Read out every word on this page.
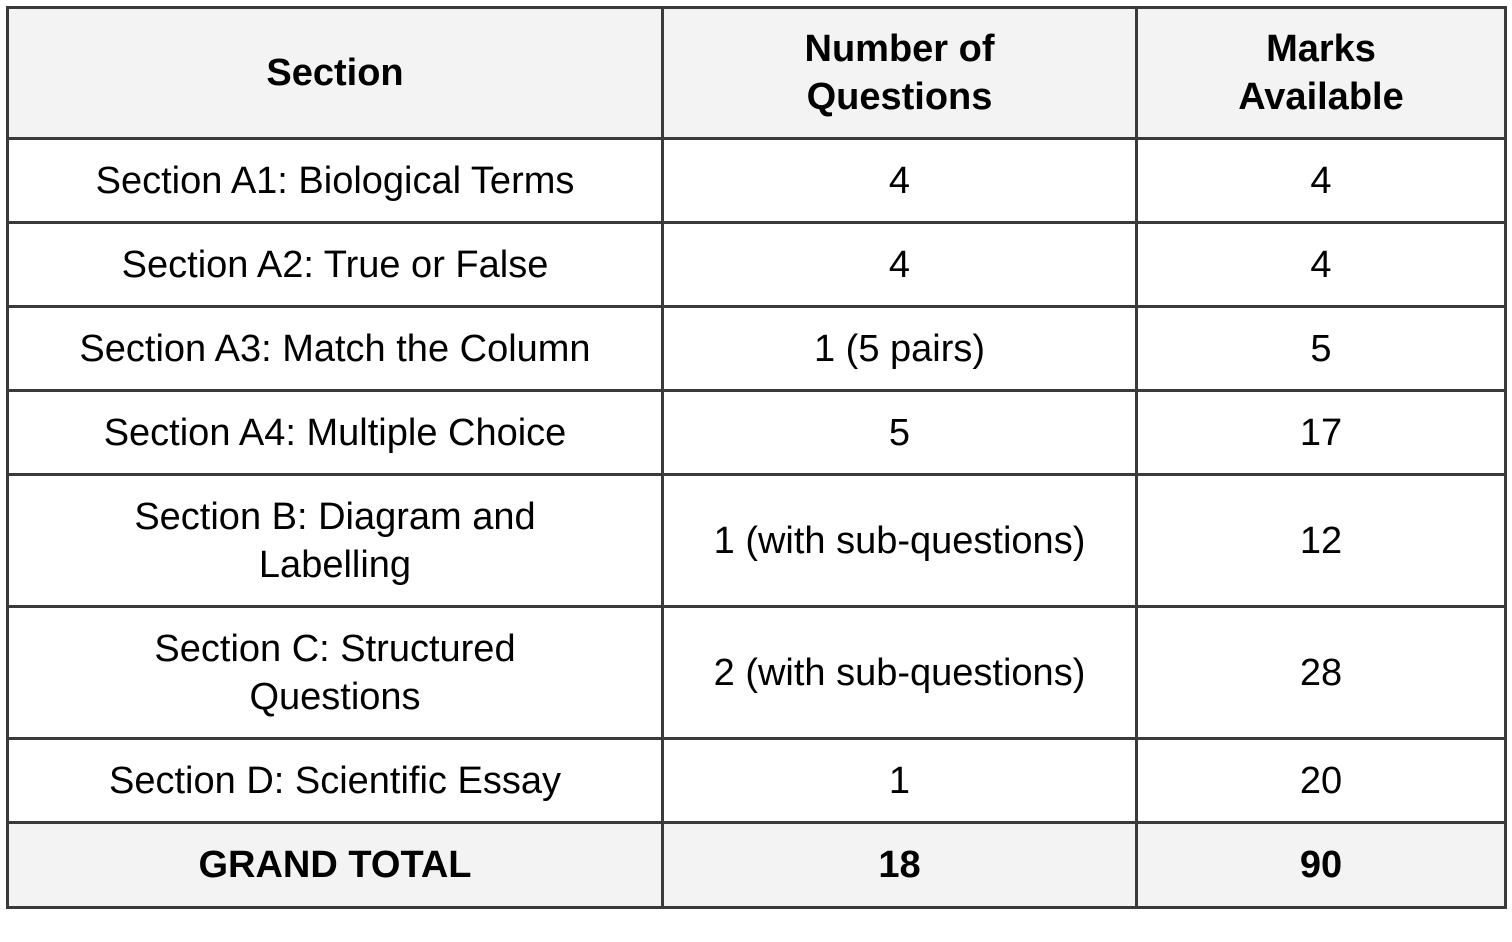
Section	Number of Questions	Marks Available
Section A1: Biological Terms	4	4
Section A2: True or False	4	4
Section A3: Match the Column	1 (5 pairs)	5
Section A4: Multiple Choice	5	17
Section B: Diagram and Labelling	1 (with sub-questions)	12
Section C: Structured Questions	2 (with sub-questions)	28
Section D: Scientific Essay	1	20
GRAND TOTAL	18	90
